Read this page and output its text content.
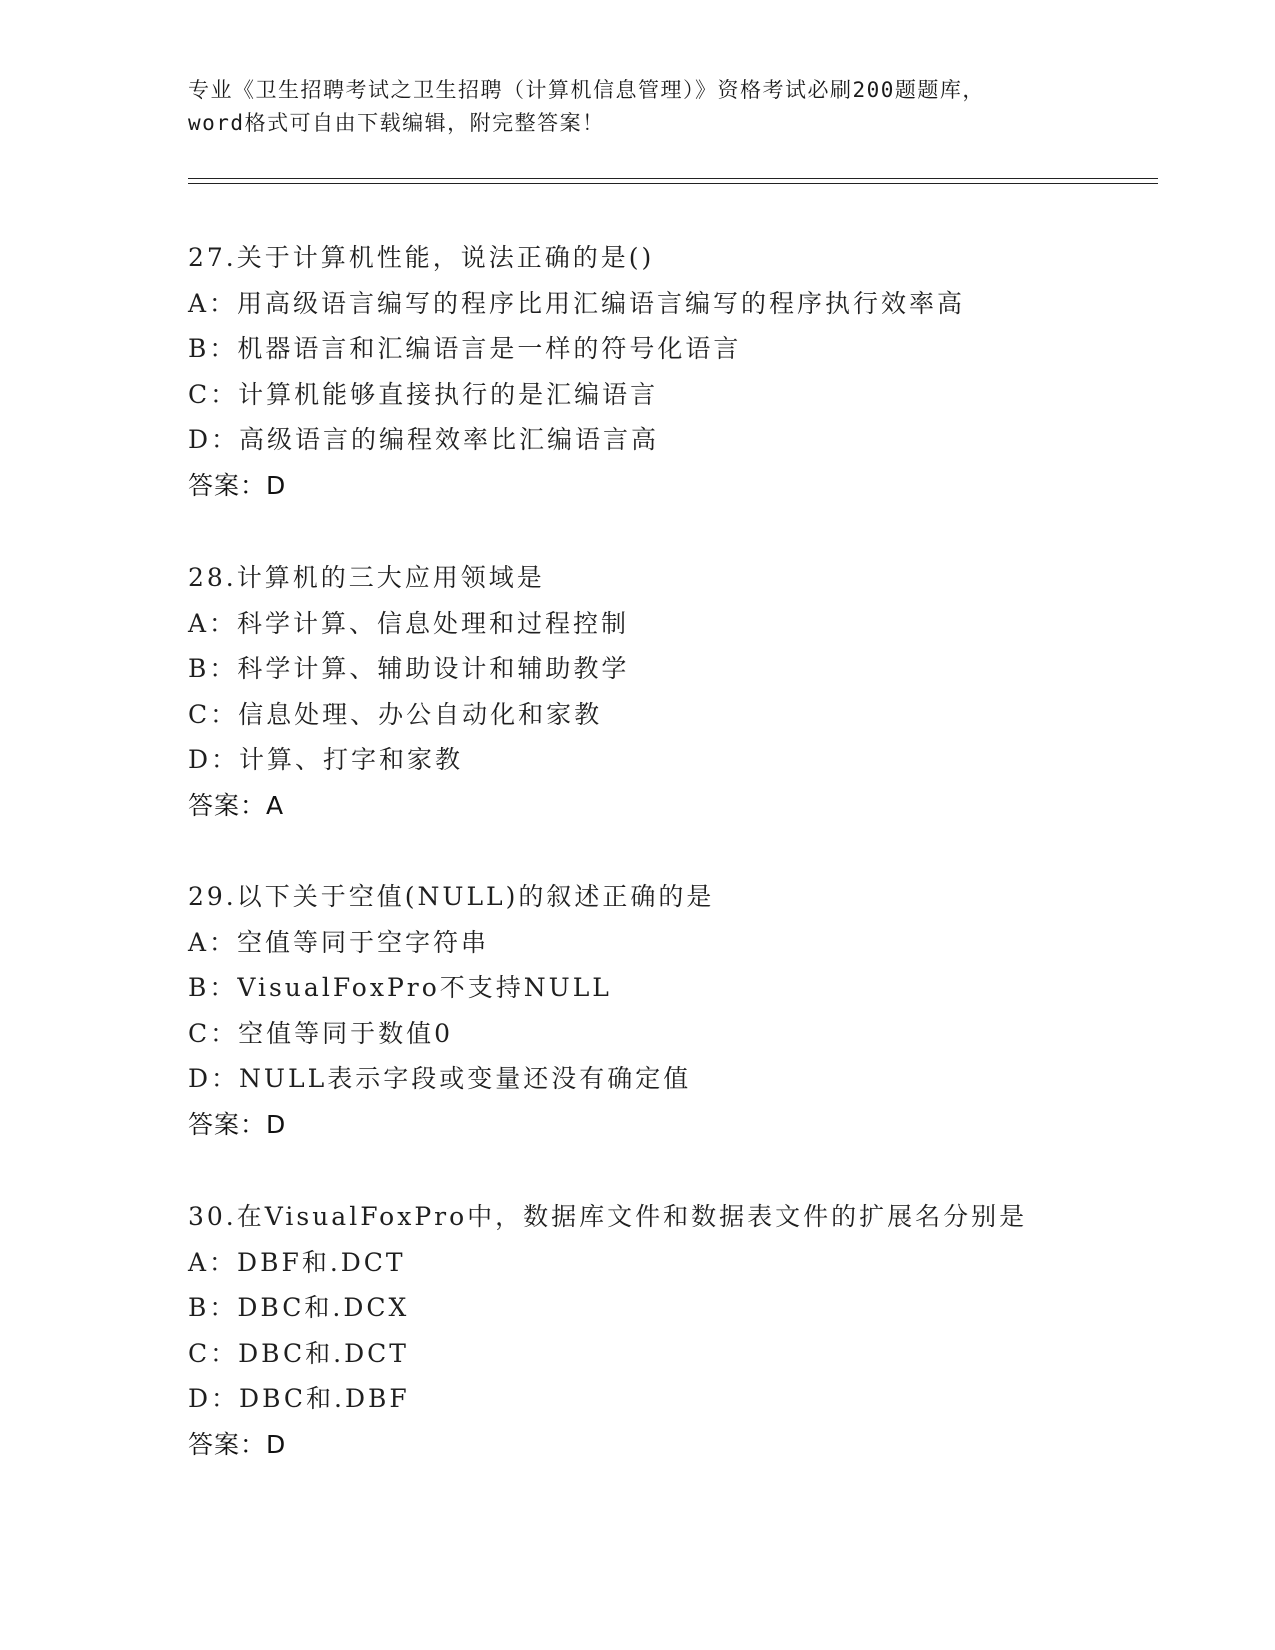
专业《卫生招聘考试之卫生招聘（计算机信息管理）》资格考试必刷200题题库，
word格式可自由下载编辑，附完整答案！
27.关于计算机性能，说法正确的是()
A：用高级语言编写的程序比用汇编语言编写的程序执行效率高
B：机器语言和汇编语言是一样的符号化语言
C：计算机能够直接执行的是汇编语言
D：高级语言的编程效率比汇编语言高
答案：D
28.计算机的三大应用领域是
A：科学计算、信息处理和过程控制
B：科学计算、辅助设计和辅助教学
C：信息处理、办公自动化和家教
D：计算、打字和家教
答案：A
29.以下关于空值(NULL)的叙述正确的是
A：空值等同于空字符串
B：VisualFoxPro不支持NULL
C：空值等同于数值0
D：NULL表示字段或变量还没有确定值
答案：D
30.在VisualFoxPro中，数据库文件和数据表文件的扩展名分别是
A：DBF和.DCT
B：DBC和.DCX
C：DBC和.DCT
D：DBC和.DBF
答案：D
